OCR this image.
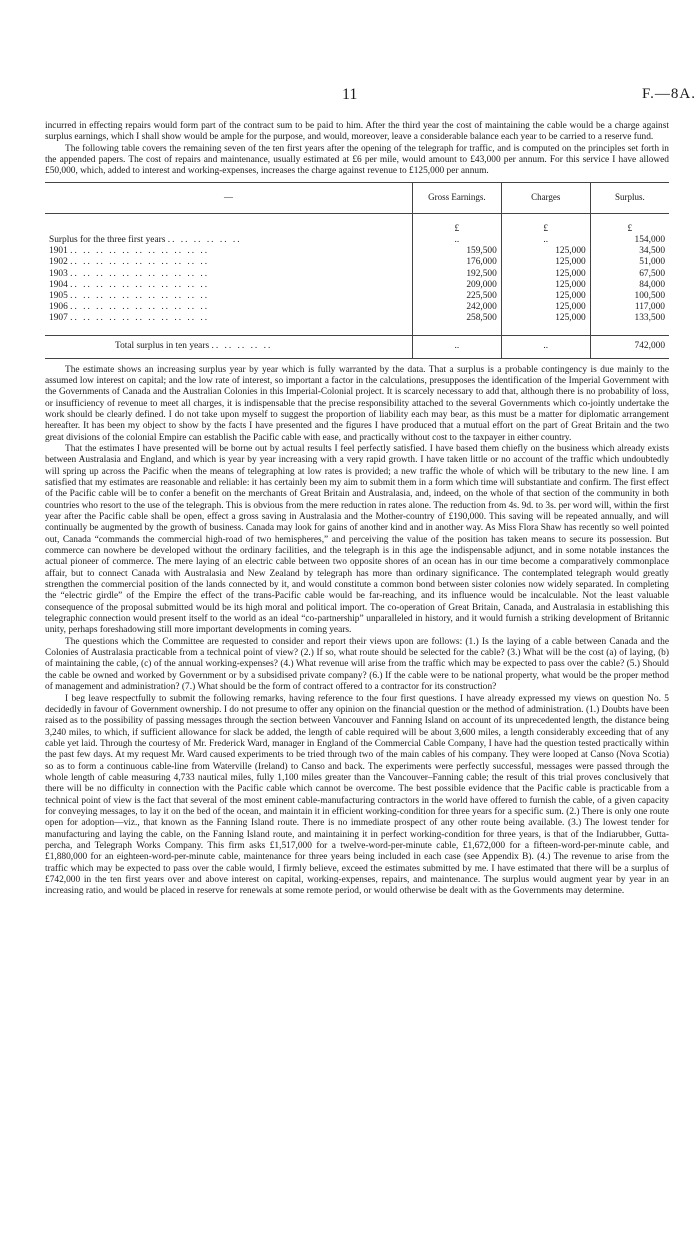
11	F.—8A.

incurred in effecting repairs would form part of the contract sum to be paid to him. After the third year the cost of maintaining the cable would be a charge against surplus earnings, which I shall show would be ample for the purpose, and would, moreover, leave a considerable balance each year to be carried to a reserve fund.

The following table covers the remaining seven of the ten first years after the opening of the telegraph for traffic, and is computed on the principles set forth in the appended papers. The cost of repairs and maintenance, usually estimated at £6 per mile, would amount to £43,000 per annum. For this service I have allowed £50,000, which, added to interest and working-expenses, increases the charge against revenue to £125,000 per annum.

—	Gross Earnings.	Charges	Surplus.

	£	£	£
Surplus for the three first years .. .. .. .. .. ..	..	..	154,000
1901 .. .. .. .. .. .. .. .. .. .. ..	159,500	125,000	34,500
1902 .. .. .. .. .. .. .. .. .. .. ..	176,000	125,000	51,000
1903 .. .. .. .. .. .. .. .. .. .. ..	192,500	125,000	67,500
1904 .. .. .. .. .. .. .. .. .. .. ..	209,000	125,000	84,000
1905 .. .. .. .. .. .. .. .. .. .. ..	225,500	125,000	100,500
1906 .. .. .. .. .. .. .. .. .. .. ..	242,000	125,000	117,000
1907 .. .. .. .. .. .. .. .. .. .. ..	258,500	125,000	133,500

Total surplus in ten years .. .. .. .. ..	..	..	742,000

The estimate shows an increasing surplus year by year which is fully warranted by the data. That a surplus is a probable contingency is due mainly to the assumed low interest on capital; and the low rate of interest, so important a factor in the calculations, presupposes the identification of the Imperial Government with the Governments of Canada and the Australian Colonies in this Imperial-Colonial project. It is scarcely necessary to add that, although there is no probability of loss, or insufficiency of revenue to meet all charges, it is indispensable that the precise responsibility attached to the several Governments which co-jointly undertake the work should be clearly defined. I do not take upon myself to suggest the proportion of liability each may bear, as this must be a matter for diplomatic arrangement hereafter. It has been my object to show by the facts I have presented and the figures I have produced that a mutual effort on the part of Great Britain and the two great divisions of the colonial Empire can establish the Pacific cable with ease, and practically without cost to the taxpayer in either country.

That the estimates I have presented will be borne out by actual results I feel perfectly satisfied. I have based them chiefly on the business which already exists between Australasia and England, and which is year by year increasing with a very rapid growth. I have taken little or no account of the traffic which undoubtedly will spring up across the Pacific when the means of telegraphing at low rates is provided; a new traffic the whole of which will be tributary to the new line. I am satisfied that my estimates are reasonable and reliable: it has certainly been my aim to submit them in a form which time will substantiate and confirm. The first effect of the Pacific cable will be to confer a benefit on the merchants of Great Britain and Australasia, and, indeed, on the whole of that section of the community in both countries who resort to the use of the telegraph. This is obvious from the mere reduction in rates alone. The reduction from 4s. 9d. to 3s. per word will, within the first year after the Pacific cable shall be open, effect a gross saving in Australasia and the Mother-country of £190,000. This saving will be repeated annually, and will continually be augmented by the growth of business. Canada may look for gains of another kind and in another way. As Miss Flora Shaw has recently so well pointed out, Canada “commands the commercial high-road of two hemispheres,” and perceiving the value of the position has taken means to secure its possession. But commerce can nowhere be developed without the ordinary facilities, and the telegraph is in this age the indispensable adjunct, and in some notable instances the actual pioneer of commerce. The mere laying of an electric cable between two opposite shores of an ocean has in our time become a comparatively commonplace affair, but to connect Canada with Australasia and New Zealand by telegraph has more than ordinary significance. The contemplated telegraph would greatly strengthen the commercial position of the lands connected by it, and would constitute a common bond between sister colonies now widely separated. In completing the “electric girdle” of the Empire the effect of the trans-Pacific cable would be far-reaching, and its influence would be incalculable. Not the least valuable consequence of the proposal submitted would be its high moral and political import. The co-operation of Great Britain, Canada, and Australasia in establishing this telegraphic connection would present itself to the world as an ideal “co-partnership” unparalleled in history, and it would furnish a striking development of Britannic unity, perhaps foreshadowing still more important developments in coming years.

The questions which the Committee are requested to consider and report their views upon are follows: (1.) Is the laying of a cable between Canada and the Colonies of Australasia practicable from a technical point of view? (2.) If so, what route should be selected for the cable? (3.) What will be the cost (a) of laying, (b) of maintaining the cable, (c) of the annual working-expenses? (4.) What revenue will arise from the traffic which may be expected to pass over the cable? (5.) Should the cable be owned and worked by Government or by a subsidised private company? (6.) If the cable were to be national property, what would be the proper method of management and administration? (7.) What should be the form of contract offered to a contractor for its construction?

I beg leave respectfully to submit the following remarks, having reference to the four first questions. I have already expressed my views on question No. 5 decidedly in favour of Government ownership. I do not presume to offer any opinion on the financial question or the method of administration. (1.) Doubts have been raised as to the possibility of passing messages through the section between Vancouver and Fanning Island on account of its unprecedented length, the distance being 3,240 miles, to which, if sufficient allowance for slack be added, the length of cable required will be about 3,600 miles, a length considerably exceeding that of any cable yet laid. Through the courtesy of Mr. Frederick Ward, manager in England of the Commercial Cable Company, I have had the question tested practically within the past few days. At my request Mr. Ward caused experiments to be tried through two of the main cables of his company. They were looped at Canso (Nova Scotia) so as to form a continuous cable-line from Waterville (Ireland) to Canso and back. The experiments were perfectly successful, messages were passed through the whole length of cable measuring 4,733 nautical miles, fully 1,100 miles greater than the Vancouver–Fanning cable; the result of this trial proves conclusively that there will be no difficulty in connection with the Pacific cable which cannot be overcome. The best possible evidence that the Pacific cable is practicable from a technical point of view is the fact that several of the most eminent cable-manufacturing contractors in the world have offered to furnish the cable, of a given capacity for conveying messages, to lay it on the bed of the ocean, and maintain it in efficient working-condition for three years for a specific sum. (2.) There is only one route open for adoption—viz., that known as the Fanning Island route. There is no immediate prospect of any other route being available. (3.) The lowest tender for manufacturing and laying the cable, on the Fanning Island route, and maintaining it in perfect working-condition for three years, is that of the Indiarubber, Gutta-percha, and Telegraph Works Company. This firm asks £1,517,000 for a twelve-word-per-minute cable, £1,672,000 for a fifteen-word-per-minute cable, and £1,880,000 for an eighteen-word-per-minute cable, maintenance for three years being included in each case (see Appendix B). (4.) The revenue to arise from the traffic which may be expected to pass over the cable would, I firmly believe, exceed the estimates submitted by me. I have estimated that there will be a surplus of £742,000 in the ten first years over and above interest on capital, working-expenses, repairs, and maintenance. The surplus would augment year by year in an increasing ratio, and would be placed in reserve for renewals at some remote period, or would otherwise be dealt with as the Governments may determine.
